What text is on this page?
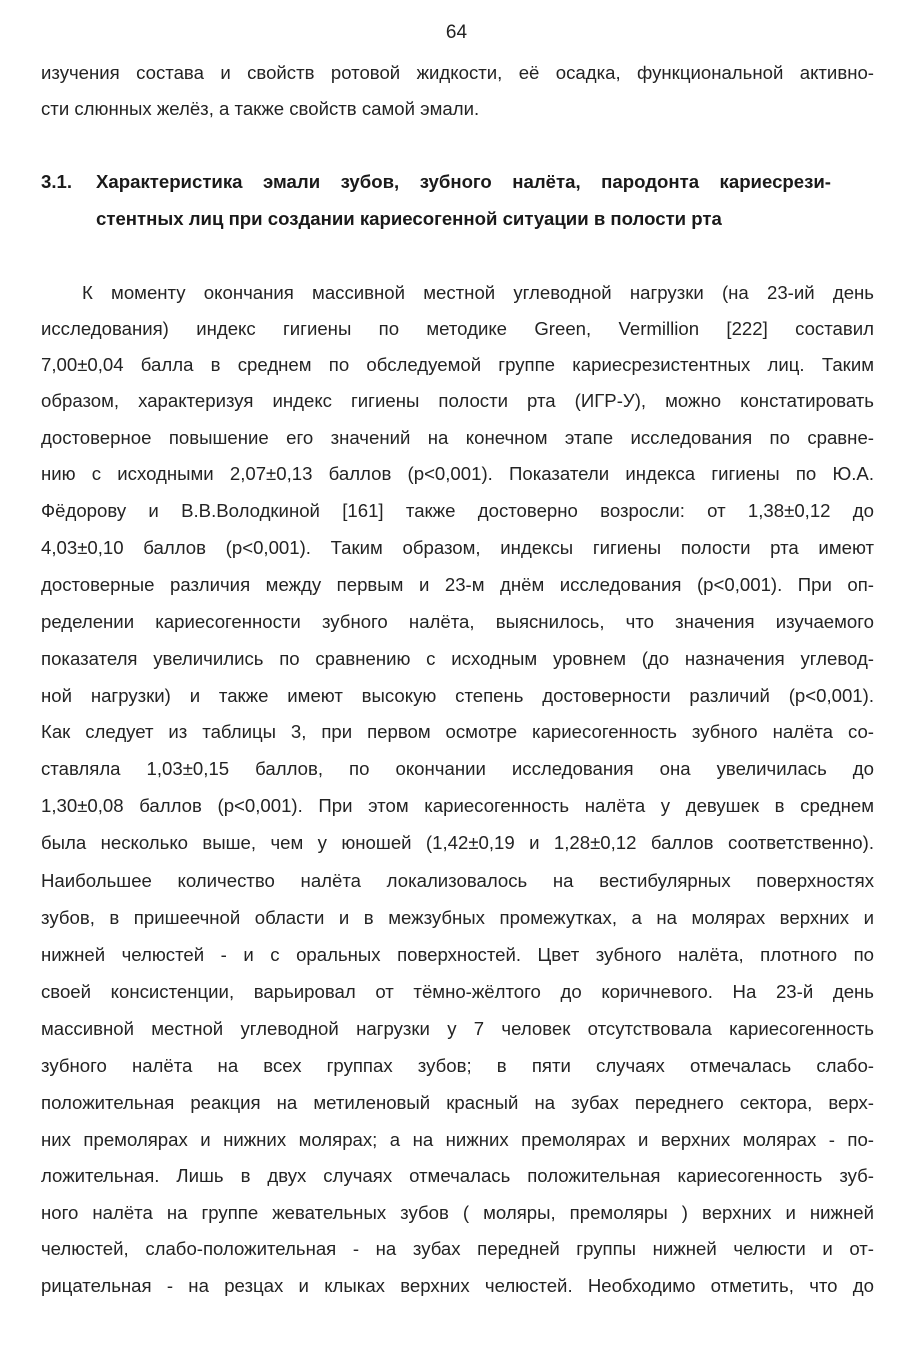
64
изучения состава и свойств ротовой жидкости, её осадка, функциональной активно-
сти слюнных желёз, а также свойств самой эмали.
3.1. Характеристика эмали зубов, зубного налёта, пародонта кариесрези-
стентных лиц при создании кариесогенной ситуации в полости рта
К моменту окончания массивной местной углеводной нагрузки (на 23-ий день
исследования) индекс гигиены по методике Green, Vermillion [222] составил
7,00±0,04 балла в среднем по обследуемой группе кариесрезистентных лиц. Таким
образом, характеризуя индекс гигиены полости рта (ИГР-У), можно констатировать
достоверное повышение его значений на конечном этапе исследования по сравне-
нию с исходными 2,07±0,13 баллов (р<0,001). Показатели индекса гигиены по Ю.А.
Фёдорову и В.В.Володкиной [161] также достоверно возросли: от 1,38±0,12 до
4,03±0,10 баллов (р<0,001). Таким образом, индексы гигиены полости рта имеют
достоверные различия между первым и 23-м днём исследования (р<0,001). При оп-
ределении кариесогенности зубного налёта, выяснилось, что значения изучаемого
показателя увеличились по сравнению с исходным уровнем (до назначения углевод-
ной нагрузки) и также имеют высокую степень достоверности различий (р<0,001).
Как следует из таблицы 3, при первом осмотре кариесогенность зубного налёта со-
ставляла 1,03±0,15 баллов, по окончании исследования она увеличилась до
1,30±0,08 баллов (р<0,001). При этом кариесогенность налёта у девушек в среднем
была несколько выше, чем у юношей (1,42±0,19 и 1,28±0,12 баллов соответственно).
Наибольшее количество налёта локализовалось на вестибулярных поверхностях
зубов, в пришеечной области и в межзубных промежутках, а на молярах верхних и
нижней челюстей - и с оральных поверхностей. Цвет зубного налёта, плотного по
своей консистенции, варьировал от тёмно-жёлтого до коричневого. На 23-й день
массивной местной углеводной нагрузки у 7 человек отсутствовала кариесогенность
зубного налёта на всех группах зубов; в пяти случаях отмечалась слабо-
положительная реакция на метиленовый красный на зубах переднего сектора, верх-
них премолярах и нижних молярах; а на нижних премолярах и верхних молярах - по-
ложительная. Лишь в двух случаях отмечалась положительная кариесогенность зуб-
ного налёта на группе жевательных зубов ( моляры, премоляры ) верхних и нижней
челюстей, слабо-положительная - на зубах передней группы нижней челюсти и от-
рицательная - на резцах и клыках верхних челюстей. Необходимо отметить, что до
